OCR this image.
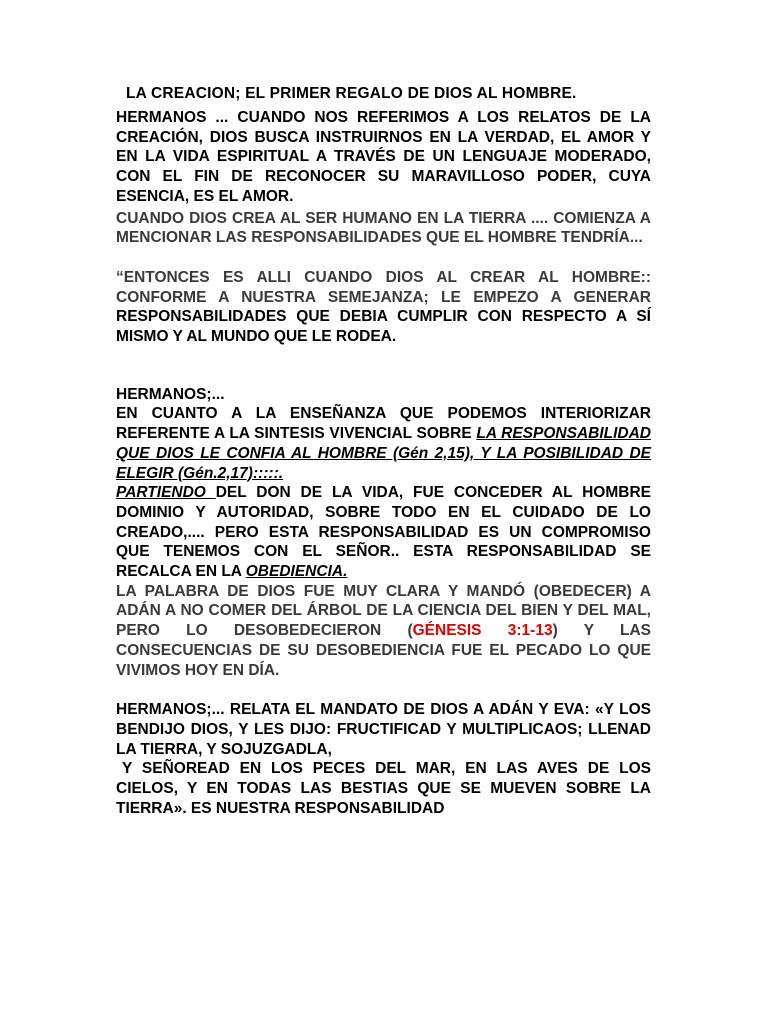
LA CREACION; EL PRIMER REGALO DE DIOS AL HOMBRE.

HERMANOS ... CUANDO NOS REFERIMOS A LOS RELATOS DE LA CREACIÓN, DIOS BUSCA INSTRUIRNOS EN LA VERDAD, EL AMOR Y EN LA VIDA ESPIRITUAL A TRAVÉS DE UN LENGUAJE MODERADO, CON EL FIN DE RECONOCER SU MARAVILLOSO PODER, CUYA ESENCIA, ES EL AMOR.

CUANDO DIOS CREA AL SER HUMANO EN LA TIERRA .... COMIENZA A MENCIONAR LAS RESPONSABILIDADES QUE EL HOMBRE TENDRÍA...

“ENTONCES ES ALLI CUANDO DIOS AL CREAR AL HOMBRE:: CONFORME A NUESTRA SEMEJANZA; LE EMPEZO A GENERAR RESPONSABILIDADES QUE DEBIA CUMPLIR CON RESPECTO A SÍ MISMO Y AL MUNDO QUE LE RODEA.

HERMANOS;...

EN CUANTO A LA ENSEÑANZA QUE PODEMOS INTERIORIZAR REFERENTE A LA SINTESIS VIVENCIAL SOBRE LA RESPONSABILIDAD QUE DIOS LE CONFIA AL HOMBRE (Gén 2,15), Y LA POSIBILIDAD DE ELEGIR (Gén.2,17):::::.

PARTIENDO DEL DON DE LA VIDA, FUE CONCEDER AL HOMBRE DOMINIO Y AUTORIDAD, SOBRE TODO EN EL CUIDADO DE LO CREADO,.... PERO ESTA RESPONSABILIDAD ES UN COMPROMISO QUE TENEMOS CON EL SEÑOR.. ESTA RESPONSABILIDAD SE RECALCA EN LA OBEDIENCIA.

LA PALABRA DE DIOS FUE MUY CLARA Y MANDÓ (OBEDECER) A ADÁN A NO COMER DEL ÁRBOL DE LA CIENCIA DEL BIEN Y DEL MAL, PERO LO DESOBEDECIERON (GÉNESIS 3:1-13) Y LAS CONSECUENCIAS DE SU DESOBEDIENCIA FUE EL PECADO LO QUE VIVIMOS HOY EN DÍA.

HERMANOS;... RELATA EL MANDATO DE DIOS A ADÁN Y EVA: «Y LOS BENDIJO DIOS, Y LES DIJO: FRUCTIFICAD Y MULTIPLICAOS; LLENAD LA TIERRA, Y SOJUZGADLA,
Y SEÑOREAD EN LOS PECES DEL MAR, EN LAS AVES DE LOS CIELOS, Y EN TODAS LAS BESTIAS QUE SE MUEVEN SOBRE LA TIERRA». ES NUESTRA RESPONSABILIDAD
